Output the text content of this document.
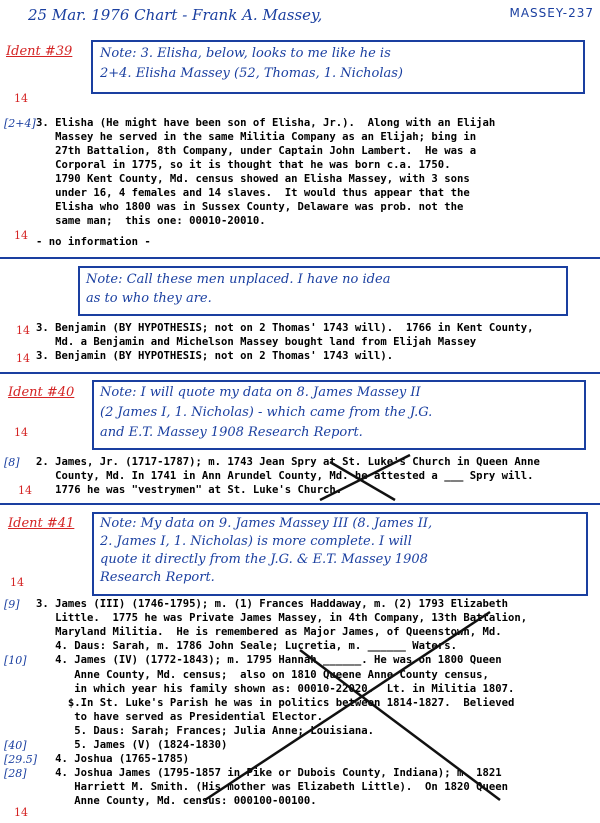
25 Mar. 1976 Chart - Frank A. Massey,	MASSEY-237
Ident #39 Note: 3. Elisha, below, looks to me like he is
2+4. Elisha Massey (52, Thomas, 1. Nicholas)
14
[2+4] 3. Elisha (He might have been son of Elisha, Jr.).  Along with an Elijah
Massey he served in the same Militia Company as an Elijah; bing in
27th Battalion, 8th Company, under Captain John Lambert.  He was a
Corporal in 1775, so it is thought that he was born c.a. 1750.
1790 Kent County, Md. census showed an Elisha Massey, with 3 sons
under 16, 4 females and 14 slaves.  It would thus appear that the
Elisha who 1800 was in Sussex County, Delaware was prob. not the
same man;  this one: 00010-20010.
14 - no information -
Note: Call these men unplaced. I have no idea
as to who they are.
14 3. Benjamin (BY HYPOTHESIS; not on 2 Thomas' 1743 will).  1766 in Kent County,
Md. a Benjamin and Michelson Massey bought land from Elijah Massey
14 3. Benjamin (BY HYPOTHESIS; not on 2 Thomas' 1743 will).
Ident #40 Note: I will quote my data on 8. James Massey II
(2 James I, 1. Nicholas) - which came from the J.G.
and E.T. Massey 1908 Research Report.
14
[8] 2. James, Jr. (1717-1787); m. 1743 Jean Spry at St. Luke's Church in Queen Anne
County, Md. In 1741 in Ann Arundel County, Md. he attested a ___ Spry will.
14 1776 he was "vestrymen" at St. Luke's Church.
Ident #41 Note: My data on 9. James Massey III (8. James II,
2. James I, 1. Nicholas) is more complete. I will
quote it directly from the J.G. & E.T. Massey 1908
Research Report.
14
[9] 3. James (III) (1746-1795); m. (1) Frances Haddaway, m. (2) 1793 Elizabeth
Little.  1775 he was Private James Massey, in 4th Company, 13th Battalion,
Maryland Militia.  He is remembered as Major James, of Queenstown, Md.
4. Daus: Sarah, m. 1786 John Seale; Lucretia, m. ______ Waters.
[10] 4. James (IV) (1772-1843); m. 1795 Hannah ______. He was on 1800 Queen
Anne County, Md. census;  also on 1810 Queene Anne County census,
in which year his family shown as: 00010-22020.  Lt. in Militia 1807.
$.In St. Luke's Parish he was in politics between 1814-1827.  Believed
to have served as Presidential Elector.
5. Daus: Sarah; Frances; Julia Anne; Louisiana.
[40] 5. James (V) (1824-1830)
[29.5]
4. Joshua (1765-1785)
[28] 4. Joshua James (1795-1857 in Pike or Dubois County, Indiana); m. 1821
Harriett M. Smith. (His mother was Elizabeth Little).  On 1820 Queen
Anne County, Md. census: 000100-00100.
14
